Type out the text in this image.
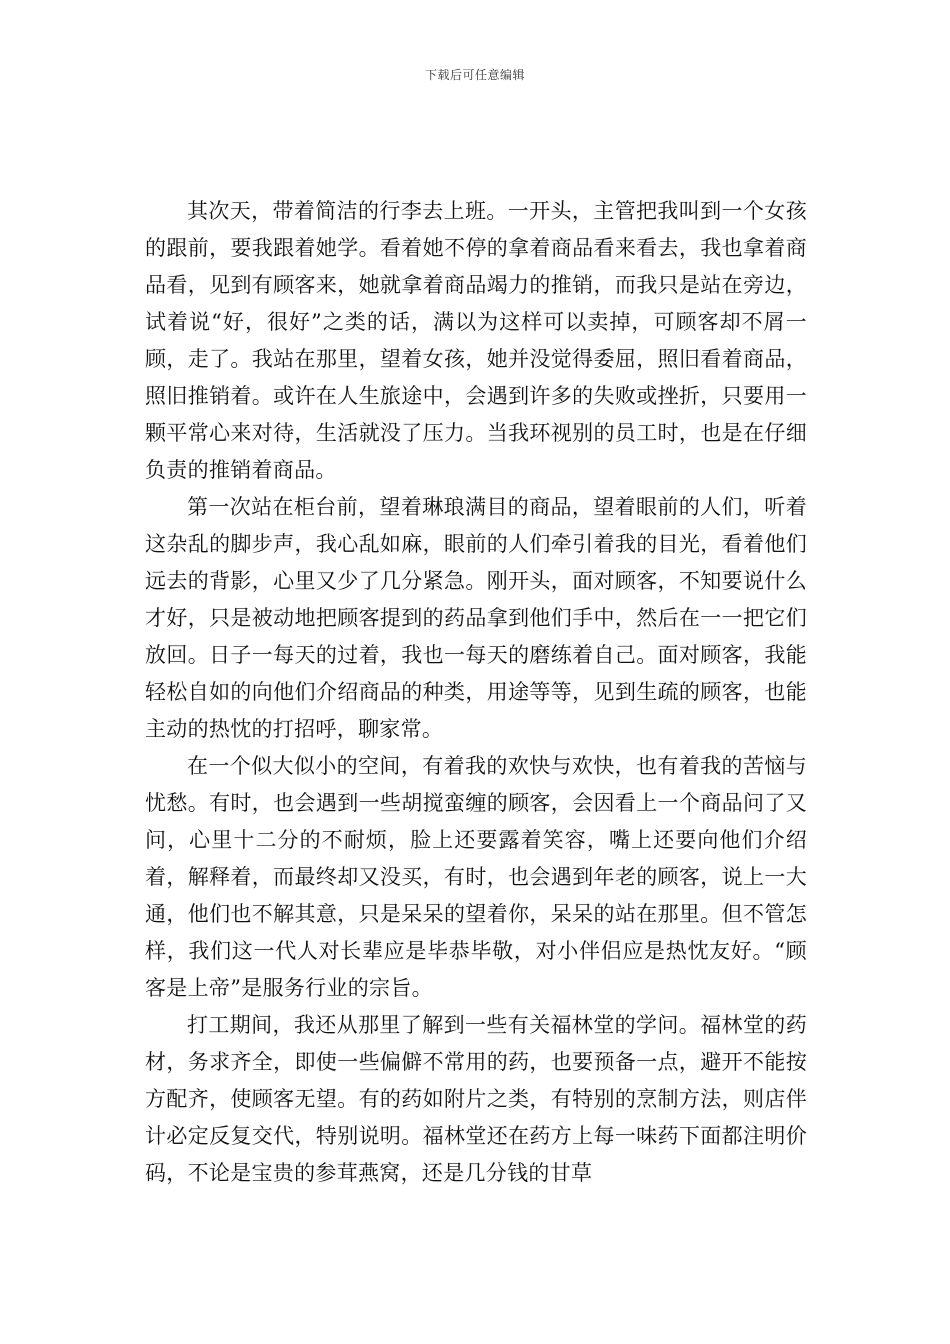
下载后可任意编辑

其次天，带着简洁的行李去上班。一开头，主管把我叫到一个女孩的跟前，要我跟着她学。看着她不停的拿着商品看来看去，我也拿着商品看，见到有顾客来，她就拿着商品竭力的推销，而我只是站在旁边，试着说“好，很好”之类的话，满以为这样可以卖掉，可顾客却不屑一顾，走了。我站在那里，望着女孩，她并没觉得委屈，照旧看着商品，照旧推销着。或许在人生旅途中，会遇到许多的失败或挫折，只要用一颗平常心来对待，生活就没了压力。当我环视别的员工时，也是在仔细负责的推销着商品。

第一次站在柜台前，望着琳琅满目的商品，望着眼前的人们，听着这杂乱的脚步声，我心乱如麻，眼前的人们牵引着我的目光，看着他们远去的背影，心里又少了几分紧急。刚开头，面对顾客，不知要说什么才好，只是被动地把顾客提到的药品拿到他们手中，然后在一一把它们放回。日子一每天的过着，我也一每天的磨练着自己。面对顾客，我能轻松自如的向他们介绍商品的种类，用途等等，见到生疏的顾客，也能主动的热忱的打招呼，聊家常。

在一个似大似小的空间，有着我的欢快与欢快，也有着我的苦恼与忧愁。有时，也会遇到一些胡搅蛮缠的顾客，会因看上一个商品问了又问，心里十二分的不耐烦，脸上还要露着笑容，嘴上还要向他们介绍着，解释着，而最终却又没买，有时，也会遇到年老的顾客，说上一大通，他们也不解其意，只是呆呆的望着你，呆呆的站在那里。但不管怎样，我们这一代人对长辈应是毕恭毕敬，对小伴侣应是热忱友好。“顾客是上帝”是服务行业的宗旨。

打工期间，我还从那里了解到一些有关福林堂的学问。福林堂的药材，务求齐全，即使一些偏僻不常用的药，也要预备一点，避开不能按方配齐，使顾客无望。有的药如附片之类，有特别的烹制方法，则店伴计必定反复交代，特别说明。福林堂还在药方上每一味药下面都注明价码，不论是宝贵的参茸燕窝，还是几分钱的甘草
